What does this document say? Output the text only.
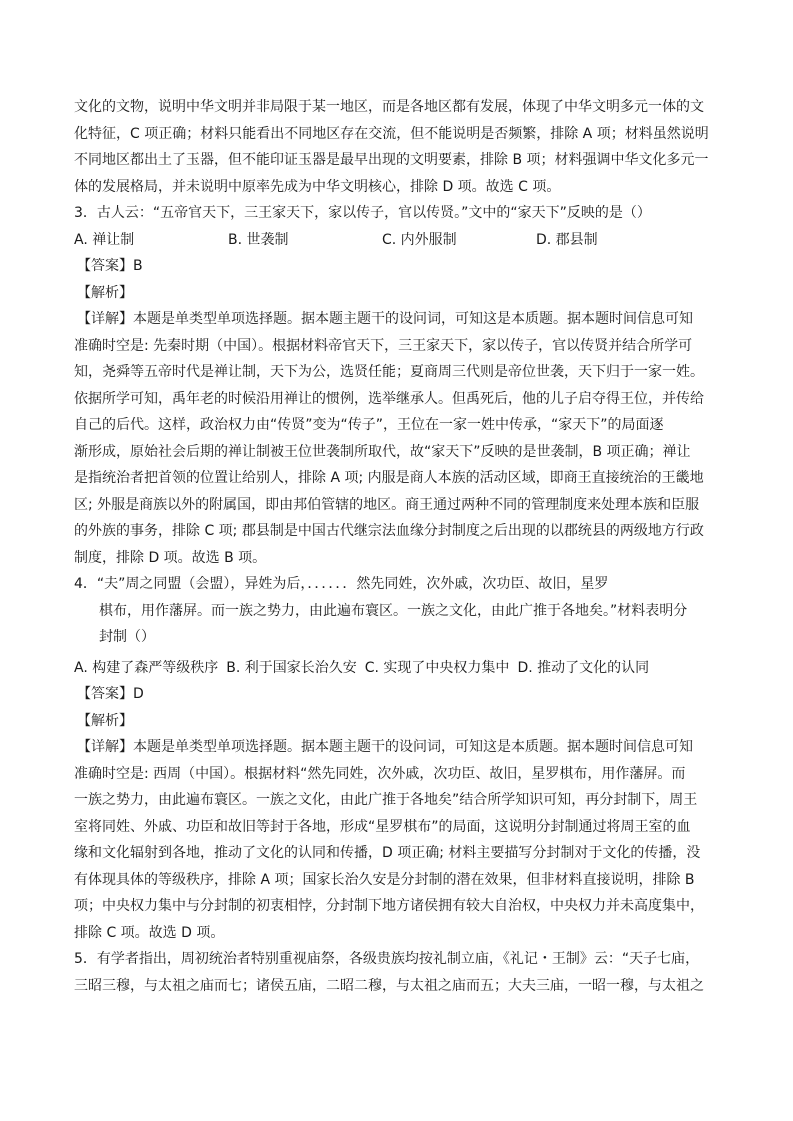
文化的文物，说明中华文明并非局限于某一地区，而是各地区都有发展，体现了中华文明多元一体的文

化特征，C 项正确；材料只能看出不同地区存在交流，但不能说明是否频繁，排除 A 项；材料虽然说明

不同地区都出土了玉器，但不能印证玉器是最早出现的文明要素，排除 B 项；材料强调中华文化多元一

体的发展格局，并未说明中原率先成为中华文明核心，排除 D 项。故选 C 项。

3．古人云：“五帝官天下，三王家天下，家以传子，官以传贤。”文中的“家天下”反映的是（）

A. 禅让制	B. 世袭制	C. 内外服制	D. 郡县制

【答案】B

【解析】

【详解】本题是单类型单项选择题。据本题主题干的设问词，可知这是本质题。据本题时间信息可知

准确时空是: 先秦时期（中国）。根据材料帝官天下，三王家天下，家以传子，官以传贤并结合所学可

知，尧舜等五帝时代是禅让制，天下为公，选贤任能；夏商周三代则是帝位世袭，天下归于一家一姓。

依据所学可知，禹年老的时候沿用禅让的惯例，选举继承人。但禹死后，他的儿子启夺得王位，并传给

自己的后代。这样，政治权力由“传贤”变为“传子”，王位在一家一姓中传承，“家天下”的局面逐

渐形成，原始社会后期的禅让制被王位世袭制所取代，故“家天下”反映的是世袭制，B 项正确；禅让

是指统治者把首领的位置让给别人，排除 A 项; 内服是商人本族的活动区域，即商王直接统治的王畿地

区; 外服是商族以外的附属国，即由邦伯管辖的地区。商王通过两种不同的管理制度来处理本族和臣服

的外族的事务，排除 C 项; 郡县制是中国古代继宗法血缘分封制度之后出现的以郡统县的两级地方行政

制度，排除 D 项。故选 B 项。

4．“夫”周之同盟（会盟），异姓为后，．．．．．．然先同姓，次外戚，次功臣、故旧，星罗

棋布，用作藩屏。而一族之势力，由此遍布寰区。一族之文化，由此广推于各地矣。”材料表明分

封制（）

A. 构建了森严等级秩序 B. 利于国家长治久安 C. 实现了中央权力集中 D. 推动了文化的认同

【答案】D

【解析】

【详解】本题是单类型单项选择题。据本题主题干的设问词，可知这是本质题。据本题时间信息可知

准确时空是: 西周（中国）。根据材料“然先同姓，次外戚，次功臣、故旧，星罗棋布，用作藩屏。而

一族之势力，由此遍布寰区。一族之文化，由此广推于各地矣”结合所学知识可知，再分封制下，周王

室将同姓、外戚、功臣和故旧等封于各地，形成“星罗棋布”的局面，这说明分封制通过将周王室的血

缘和文化辐射到各地，推动了文化的认同和传播，D 项正确; 材料主要描写分封制对于文化的传播，没

有体现具体的等级秩序，排除 A 项；国家长治久安是分封制的潜在效果，但非材料直接说明，排除 B

项；中央权力集中与分封制的初衷相悖，分封制下地方诸侯拥有较大自治权，中央权力并未高度集中，

排除 C 项。故选 D 项。

5．有学者指出，周初统治者特别重视庙祭，各级贵族均按礼制立庙，《礼记・王制》云：“天子七庙，

三昭三穆，与太祖之庙而七；诸侯五庙，二昭二穆，与太祖之庙而五；大夫三庙，一昭一穆，与太祖之
